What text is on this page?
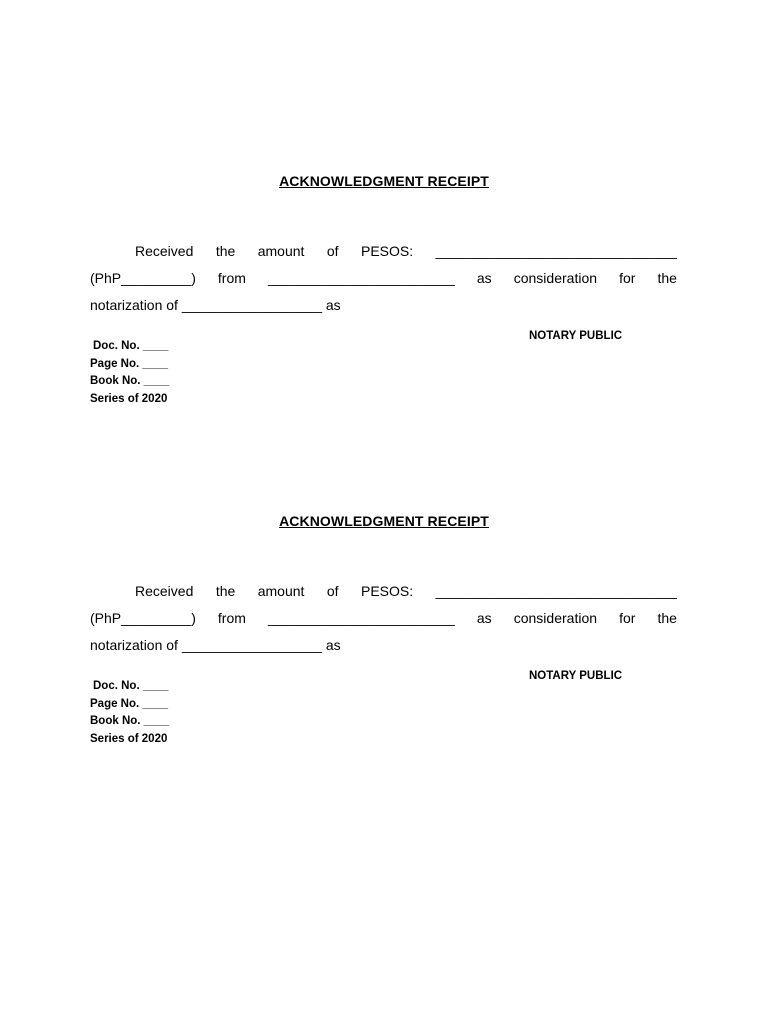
ACKNOWLEDGMENT RECEIPT
Received the amount of PESOS: _______________________________
(PhP_________) from ________________________ as consideration for the
notarization of __________________ as
NOTARY PUBLIC
Doc. No. ____
Page No. ____
Book No. ____
Series of 2020
ACKNOWLEDGMENT RECEIPT
Received the amount of PESOS: _______________________________
(PhP_________) from ________________________ as consideration for the
notarization of __________________ as
NOTARY PUBLIC
Doc. No. ____
Page No. ____
Book No. ____
Series of 2020
